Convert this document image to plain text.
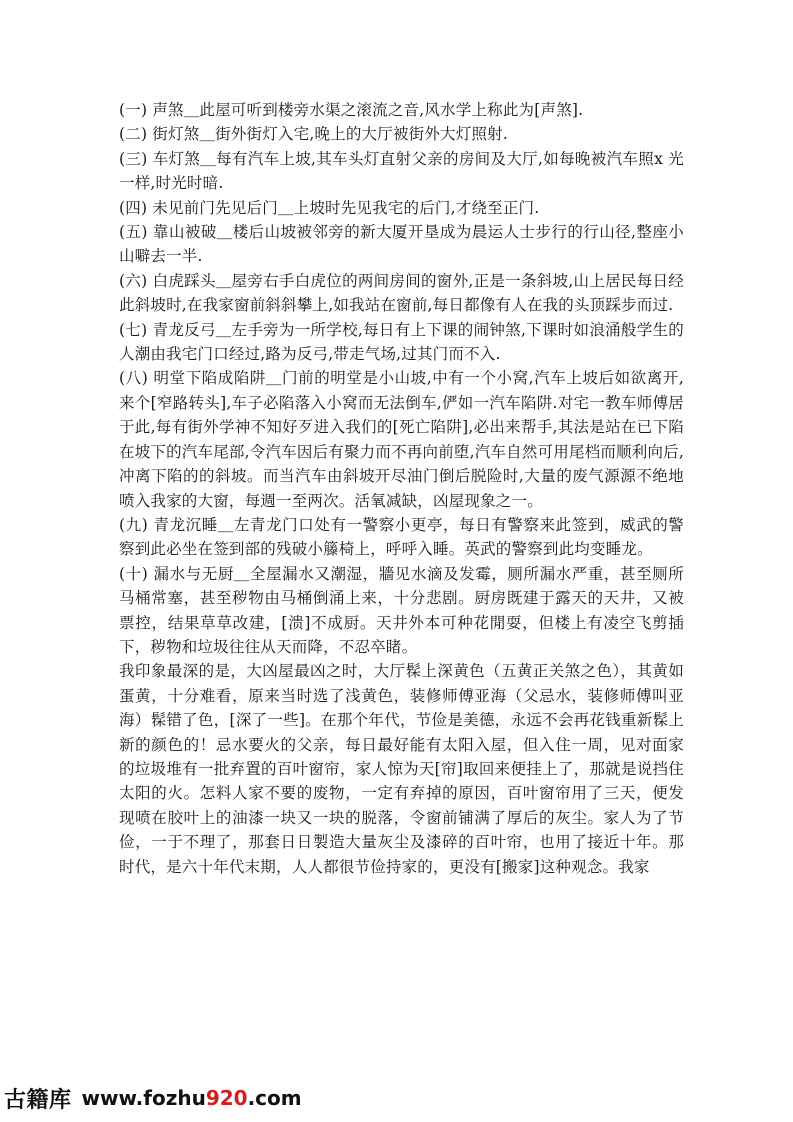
(一) 声煞＿此屋可听到楼旁水渠之滚流之音,风水学上称此为[声煞].

(二) 街灯煞＿街外街灯入宅,晚上的大厅被街外大灯照射.

(三) 车灯煞＿每有汽车上坡,其车头灯直射父亲的房间及大厅,如每晚被汽车照x 光一样,时光时暗.

(四) 未见前门先见后门＿上坡时先见我宅的后门,才绕至正门.

(五) 靠山被破＿楼后山坡被邻旁的新大厦开垦成为晨运人士步行的行山径,整座小山噼去一半.

(六) 白虎踩头＿屋旁右手白虎位的两间房间的窗外,正是一条斜坡,山上居民每日经此斜坡时,在我家窗前斜斜攀上,如我站在窗前,每日都像有人在我的头顶踩步而过.

(七) 青龙反弓＿左手旁为一所学校,每日有上下课的闹钟煞,下课时如浪涌般学生的人潮由我宅门口经过,路为反弓,带走气场,过其门而不入.

(八) 明堂下陷成陷阱＿门前的明堂是小山坡,中有一个小窝,汽车上坡后如欲离开,来个[窄路转头],车子必陷落入小窝而无法倒车,俨如一汽车陷阱.对宅一教车师傅居于此,每有街外学神不知好歹进入我们的[死亡陷阱],必出来帮手,其法是站在已下陷在坡下的汽车尾部,令汽车因后有聚力而不再向前堕,汽车自然可用尾档而顺利向后,冲离下陷的的斜坡。而当汽车由斜坡开尽油门倒后脱险时,大量的废气源源不绝地喷入我家的大窗，每週一至两次。活氧减缺，凶屋现象之一。

(九) 青龙沉睡＿左青龙门口处有一警察小更亭，每日有警察来此签到，威武的警察到此必坐在签到部的残破小籐椅上，呼呼入睡。英武的警察到此均变睡龙。

(十) 漏水与无厨＿全屋漏水又潮湿，牆见水滴及发霉，厕所漏水严重，甚至厕所马桶常塞，甚至秽物由马桶倒涌上来，十分悲剧。厨房既建于露天的天井，又被票控，结果草草改建，[溃]不成厨。天井外本可种花閒耍，但楼上有凌空飞剪插下，秽物和垃圾往往从天而降，不忍卒睹。

我印象最深的是，大凶屋最凶之时，大厅髹上深黄色（五黄正关煞之色），其黄如蛋黄，十分难看，原来当时选了浅黄色，装修师傅亚海（父忌水，装修师傅叫亚海）髹错了色，[深了一些]。在那个年代，节俭是美德，永远不会再花钱重新髹上新的颜色的！忌水要火的父亲，每日最好能有太阳入屋，但入住一周，见对面家的垃圾堆有一批弃置的百叶窗帘，家人惊为天[帘]取回来便挂上了，那就是说挡住太阳的火。怎料人家不要的废物，一定有弃掉的原因，百叶窗帘用了三天，便发现喷在胶叶上的油漆一块又一块的脱落，令窗前铺满了厚后的灰尘。家人为了节俭，一于不理了，那套日日製造大量灰尘及漆碎的百叶帘，也用了接近十年。那时代，是六十年代末期，人人都很节俭持家的，更没有[搬家]这种观念。我家

古籍库 www.fozhu920.com
